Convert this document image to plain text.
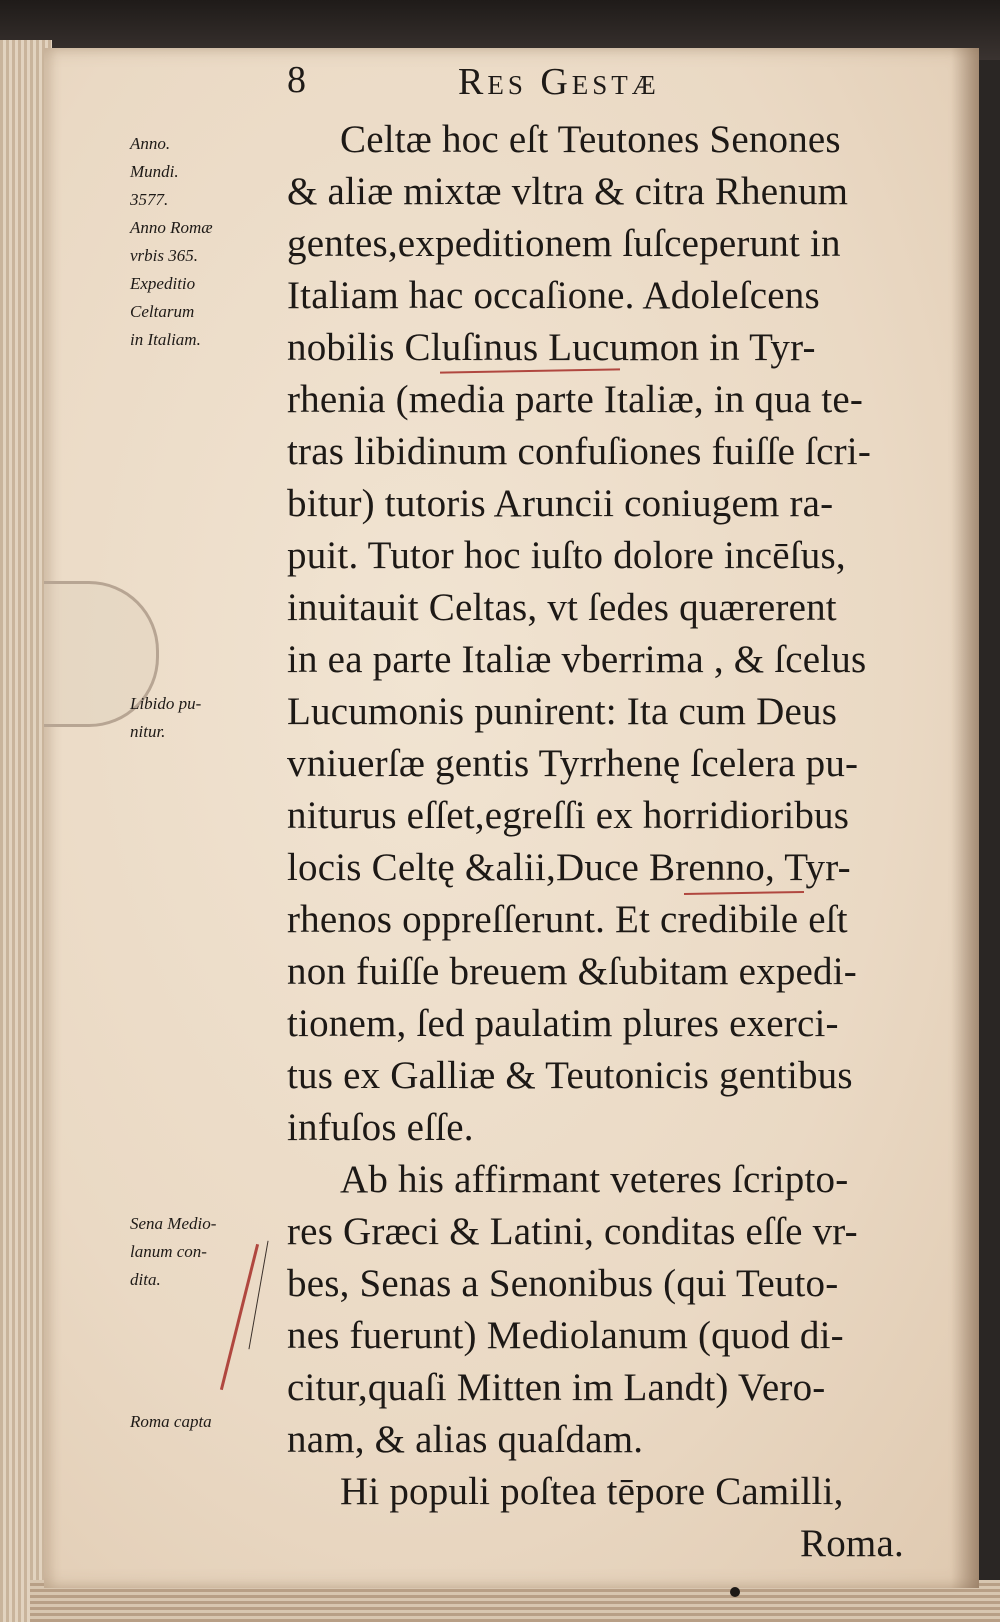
8	Res Gestæ

Anno.
Mundi.
3577.
Anno Romæ
vrbis 365.
Expeditio
Celtarum
in Italiam.

Libido pu-
nitur.

Sena Medio-
lanum con-
dita.

Roma capta

Celtæ hoc eſt Teutones Senones
& aliæ mixtæ vltra & citra Rhenum
gentes,expeditionem ſuſceperunt in
Italiam hac occaſione. Adoleſcens
nobilis Cluſinus Lucumon in Tyr-
rhenia (media parte Italiæ, in qua te-
tras libidinum confuſiones fuiſſe ſcri-
bitur) tutoris Aruncii coniugem ra-
puit. Tutor hoc iuſto dolore incēſus,
inuitauit Celtas, vt ſedes quærerent
in ea parte Italiæ vberrima , & ſcelus
Lucumonis punirent: Ita cum Deus
vniuerſæ gentis Tyrrhenę ſcelera pu-
niturus eſſet,egreſſi ex horridioribus
locis Celtę &alii,Duce Brenno, Tyr-
rhenos oppreſſerunt. Et credibile eſt
non fuiſſe breuem &ſubitam expedi-
tionem, ſed paulatim plures exerci-
tus ex Galliæ & Teutonicis gentibus
infuſos eſſe.
Ab his affirmant veteres ſcripto-
res Græci & Latini, conditas eſſe vr-
bes, Senas a Senonibus (qui Teuto-
nes fuerunt) Mediolanum (quod di-
citur,quaſi Mitten im Landt) Vero-
nam, & alias quaſdam.
Hi populi poſtea tēpore Camilli,
Roma.
